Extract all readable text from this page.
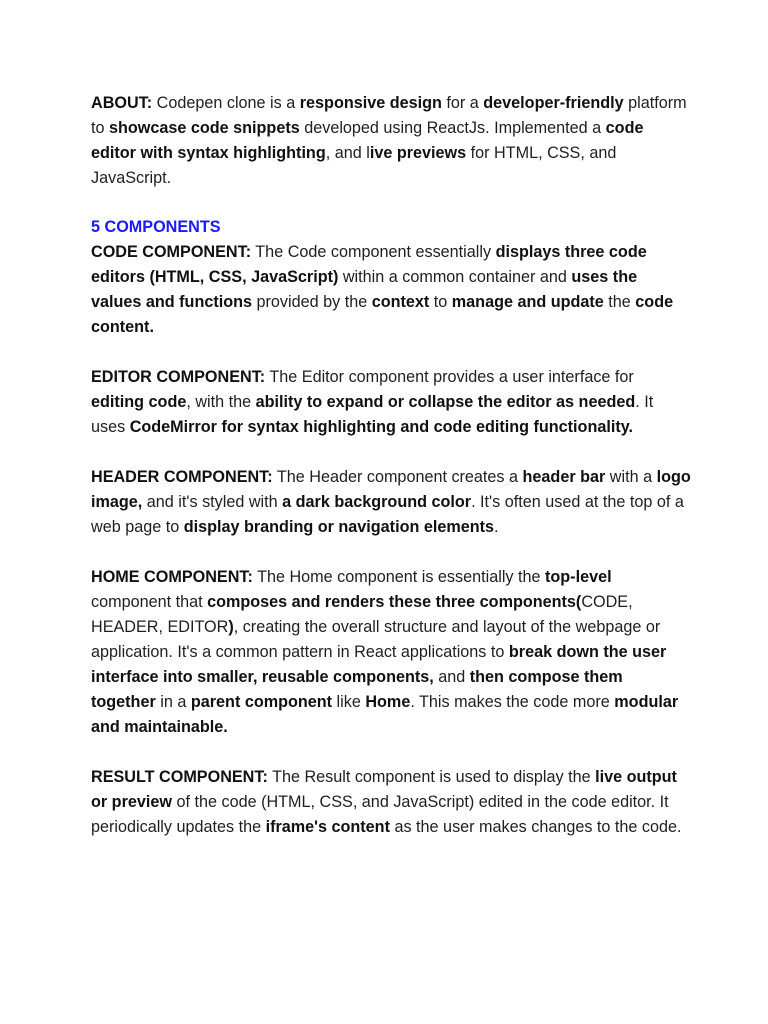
ABOUT: Codepen clone is a responsive design for a developer-friendly platform to showcase code snippets developed using ReactJs. Implemented a code editor with syntax highlighting, and live previews for HTML, CSS, and JavaScript.

5 COMPONENTS

CODE COMPONENT: The Code component essentially displays three code editors (HTML, CSS, JavaScript) within a common container and uses the values and functions provided by the context to manage and update the code content.

EDITOR COMPONENT: The Editor component provides a user interface for editing code, with the ability to expand or collapse the editor as needed. It uses CodeMirror for syntax highlighting and code editing functionality.

HEADER COMPONENT: The Header component creates a header bar with a logo image, and it's styled with a dark background color. It's often used at the top of a web page to display branding or navigation elements.

HOME COMPONENT: The Home component is essentially the top-level component that composes and renders these three components(CODE, HEADER, EDITOR), creating the overall structure and layout of the webpage or application. It's a common pattern in React applications to break down the user interface into smaller, reusable components, and then compose them together in a parent component like Home. This makes the code more modular and maintainable.

RESULT COMPONENT: The Result component is used to display the live output or preview of the code (HTML, CSS, and JavaScript) edited in the code editor. It periodically updates the iframe's content as the user makes changes to the code.
